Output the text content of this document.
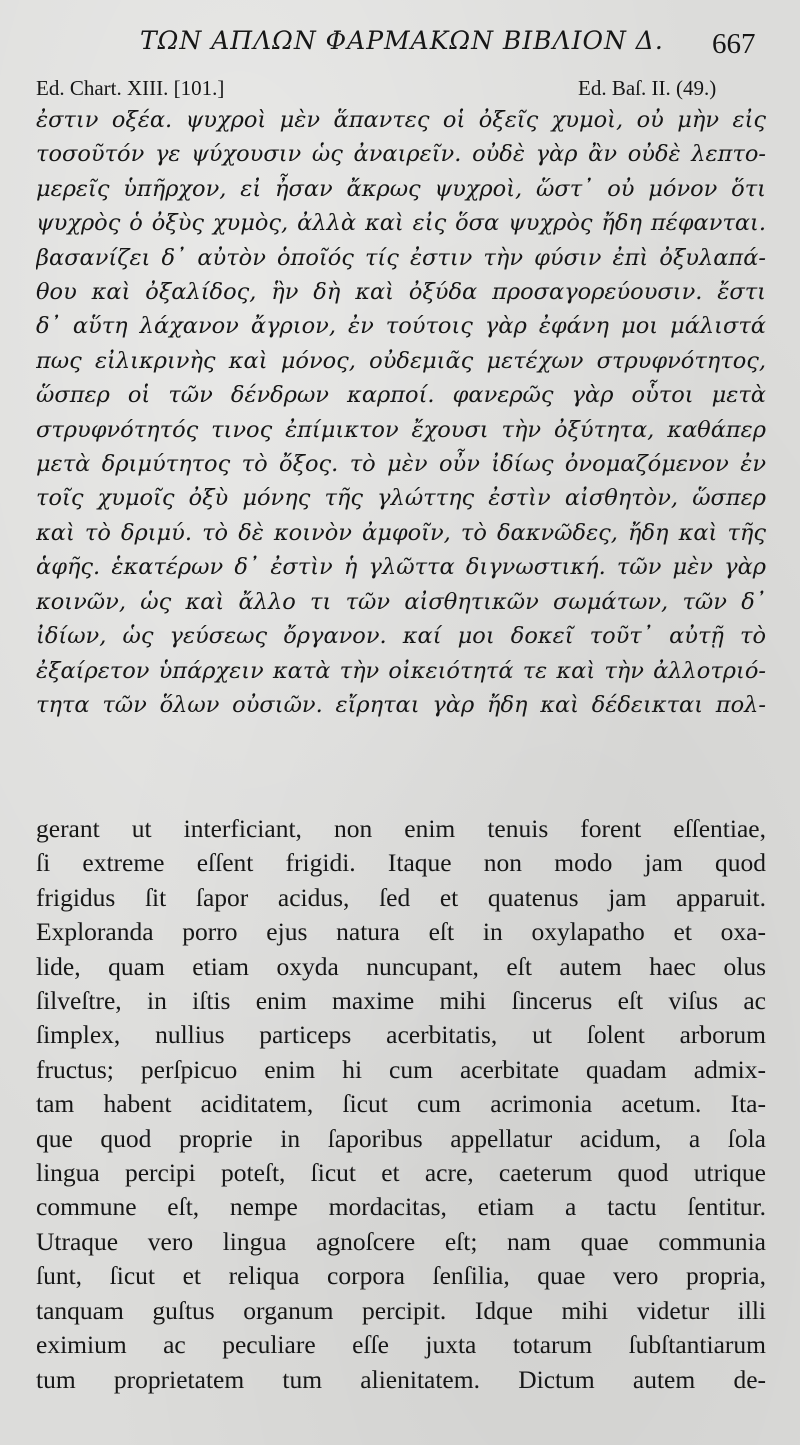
ΤΩΝ ΑΠΛΩΝ ΦΑΡΜΑΚΩΝ ΒΙΒΛΙΟΝ Δ.	667
Ed. Chart. XIII. [101.]	Ed. Baſ. II. (49.)
ἐστιν οξέα. ψυχροὶ μὲν ἅπαντες οἱ ὀξεῖς χυμοὶ, οὐ μὴν εἰς
τοσοῦτόν γε ψύχουσιν ὡς ἀναιρεῖν. οὐδὲ γὰρ ἂν οὐδὲ λεπτο-
μερεῖς ὑπῆρχον, εἰ ἦσαν ἄκρως ψυχροὶ, ὥστ᾽ οὐ μόνον ὅτι
ψυχρὸς ὁ ὀξὺς χυμὸς, ἀλλὰ καὶ εἰς ὅσα ψυχρὸς ἤδη πέφανται.
βασανίζει δ᾽ αὐτὸν ὁποῖός τίς ἐστιν τὴν φύσιν ἐπὶ ὀξυλαπά-
θου καὶ ὀξαλίδος, ἣν δὴ καὶ ὀξύδα προσαγορεύουσιν. ἔστι
δ᾽ αὕτη λάχανον ἄγριον, ἐν τούτοις γὰρ ἐφάνη μοι μάλιστά
πως εἰλικρινὴς καὶ μόνος, οὐδεμιᾶς μετέχων στρυφνότητος,
ὥσπερ οἱ τῶν δένδρων καρποί. φανερῶς γὰρ οὗτοι μετὰ
στρυφνότητός τινος ἐπίμικτον ἔχουσι τὴν ὀξύτητα, καθάπερ
μετὰ δριμύτητος τὸ ὄξος. τὸ μὲν οὖν ἰδίως ὀνομαζόμενον ἐν
τοῖς χυμοῖς ὀξὺ μόνης τῆς γλώττης ἐστὶν αἰσθητὸν, ὥσπερ
καὶ τὸ δριμύ. τὸ δὲ κοινὸν ἀμφοῖν, τὸ δακνῶδες, ἤδη καὶ τῆς
ἁφῆς. ἑκατέρων δ᾽ ἐστὶν ἡ γλῶττα διγνωστική. τῶν μὲν γὰρ
κοινῶν, ὡς καὶ ἄλλο τι τῶν αἰσθητικῶν σωμάτων, τῶν δ᾽
ἰδίων, ὡς γεύσεως ὄργανον. καί μοι δοκεῖ τοῦτ᾽ αὐτῇ τὸ
ἐξαίρετον ὑπάρχειν κατὰ τὴν οἰκειότητά τε καὶ τὴν ἀλλοτριό-
τητα τῶν ὅλων οὐσιῶν. εἴρηται γὰρ ἤδη καὶ δέδεικται πολ-
gerant ut interficiant, non enim tenuis forent eſſentiae,
ſi extreme eſſent frigidi. Itaque non modo jam quod
frigidus ſit ſapor acidus, ſed et quatenus jam apparuit.
Exploranda porro ejus natura eſt in oxylapatho et oxa-
lide, quam etiam oxyda nuncupant, eſt autem haec olus
ſilveſtre, in iſtis enim maxime mihi ſincerus eſt viſus ac
ſimplex, nullius particeps acerbitatis, ut ſolent arborum
fructus; perſpicuo enim hi cum acerbitate quadam admix-
tam habent aciditatem, ſicut cum acrimonia acetum. Ita-
que quod proprie in ſaporibus appellatur acidum, a ſola
lingua percipi poteſt, ſicut et acre, caeterum quod utrique
commune eſt, nempe mordacitas, etiam a tactu ſentitur.
Utraque vero lingua agnoſcere eſt; nam quae communia
ſunt, ſicut et reliqua corpora ſenſilia, quae vero propria,
tanquam guſtus organum percipit. Idque mihi videtur illi
eximium ac peculiare eſſe juxta totarum ſubſtantiarum
tum proprietatem tum alienitatem. Dictum autem de-
